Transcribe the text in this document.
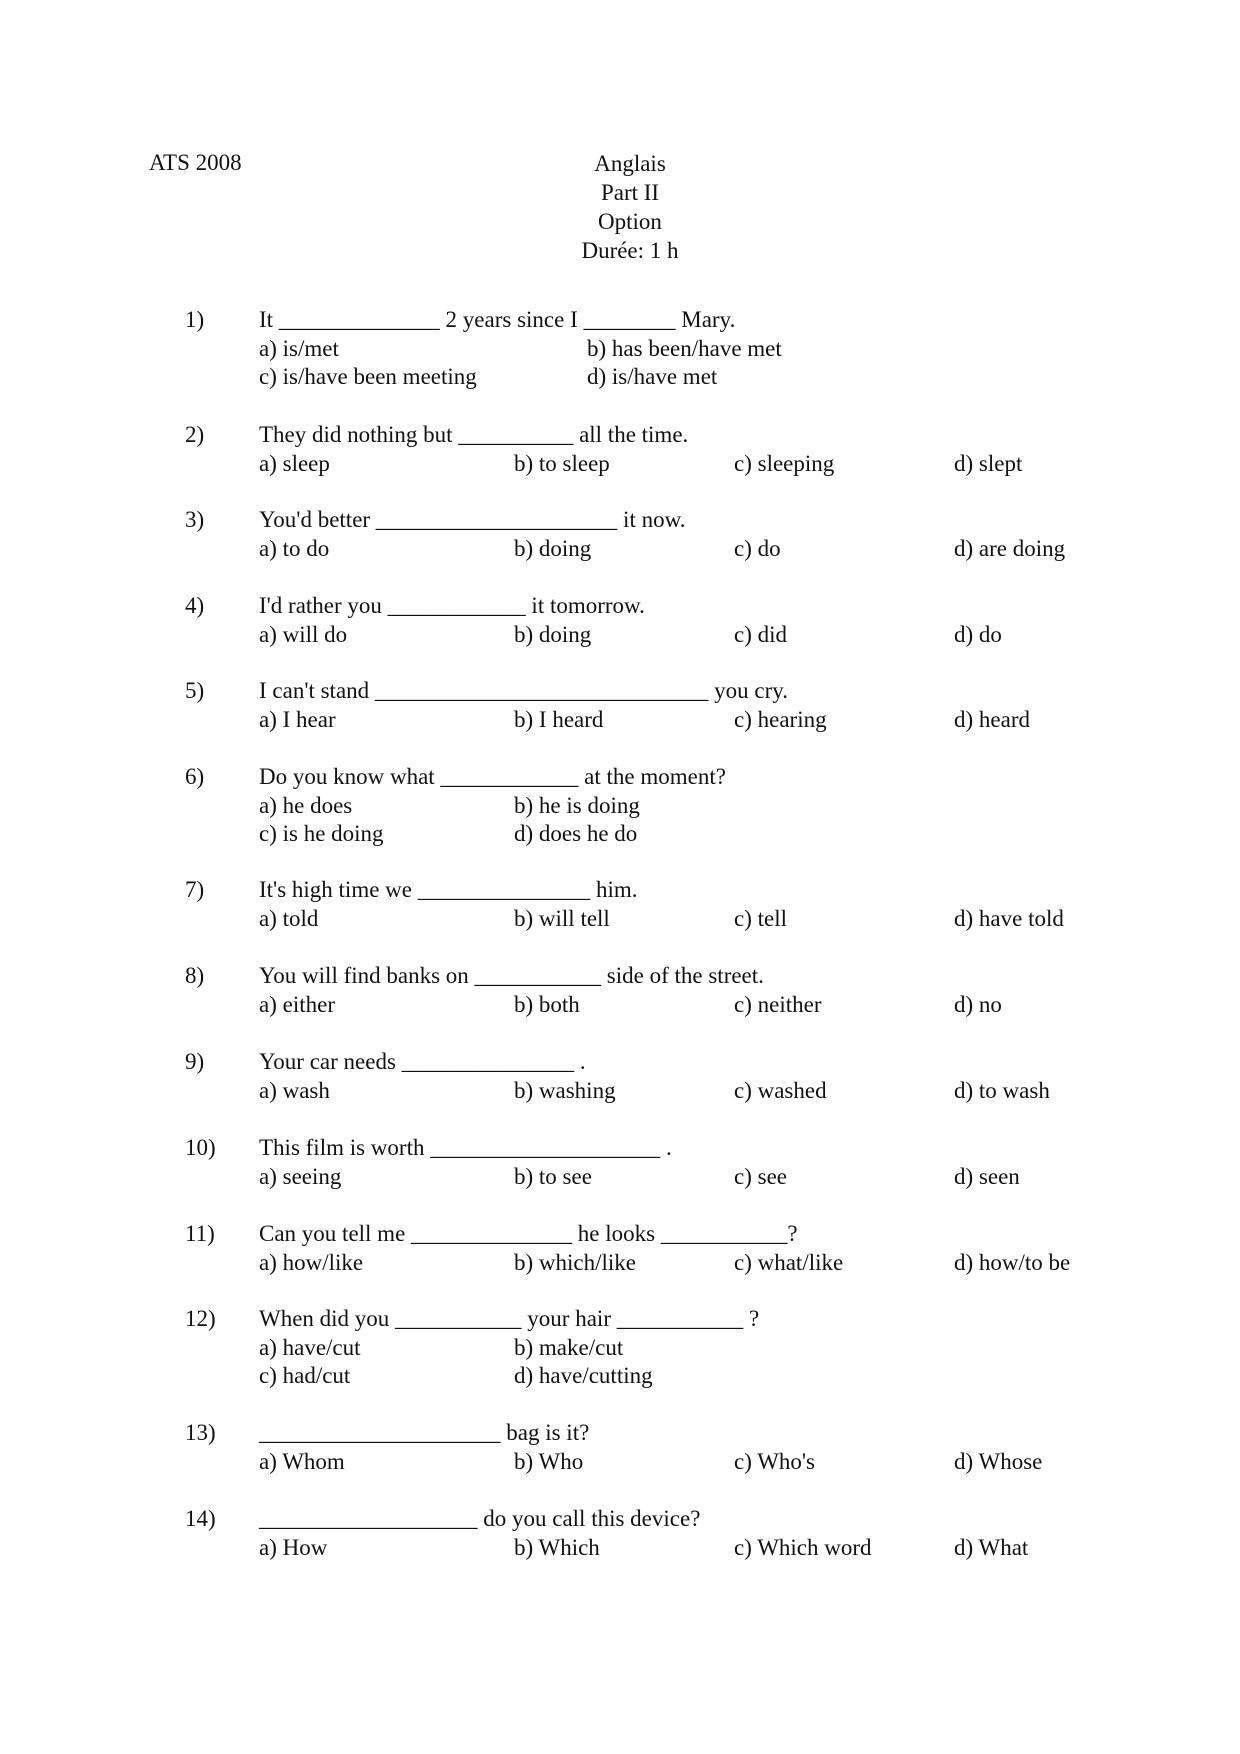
ATS 2008	Anglais
Part II
Option
Durée: 1 h
1) It ______________ 2 years since I ________ Mary.
a) is/met	b) has been/have met
c) is/have been meeting	d) is/have met
2) They did nothing but __________ all the time.
a) sleep	b) to sleep	c) sleeping	d) slept
3) You'd better _____________________ it now.
a) to do	b) doing	c) do	d) are doing
4) I'd rather you ____________ it tomorrow.
a) will do	b) doing	c) did	d) do
5) I can't stand _____________________________ you cry.
a) I hear	b) I heard	c) hearing	d) heard
6) Do you know what ____________ at the moment?
a) he does	b) he is doing
c) is he doing	d) does he do
7) It's high time we _______________ him.
a) told	b) will tell	c) tell	d) have told
8) You will find banks on ___________ side of the street.
a) either	b) both	c) neither	d) no
9) Your car needs _______________ .
a) wash	b) washing	c) washed	d) to wash
10) This film is worth ____________________ .
a) seeing	b) to see	c) see	d) seen
11) Can you tell me ______________ he looks ___________?
a) how/like	b) which/like	c) what/like	d) how/to be
12) When did you ___________ your hair ___________ ?
a) have/cut	b) make/cut
c) had/cut	d) have/cutting
13) _____________________ bag is it?
a) Whom	b) Who	c) Who's	d) Whose
14) ___________________ do you call this device?
a) How	b) Which	c) Which word	d) What
